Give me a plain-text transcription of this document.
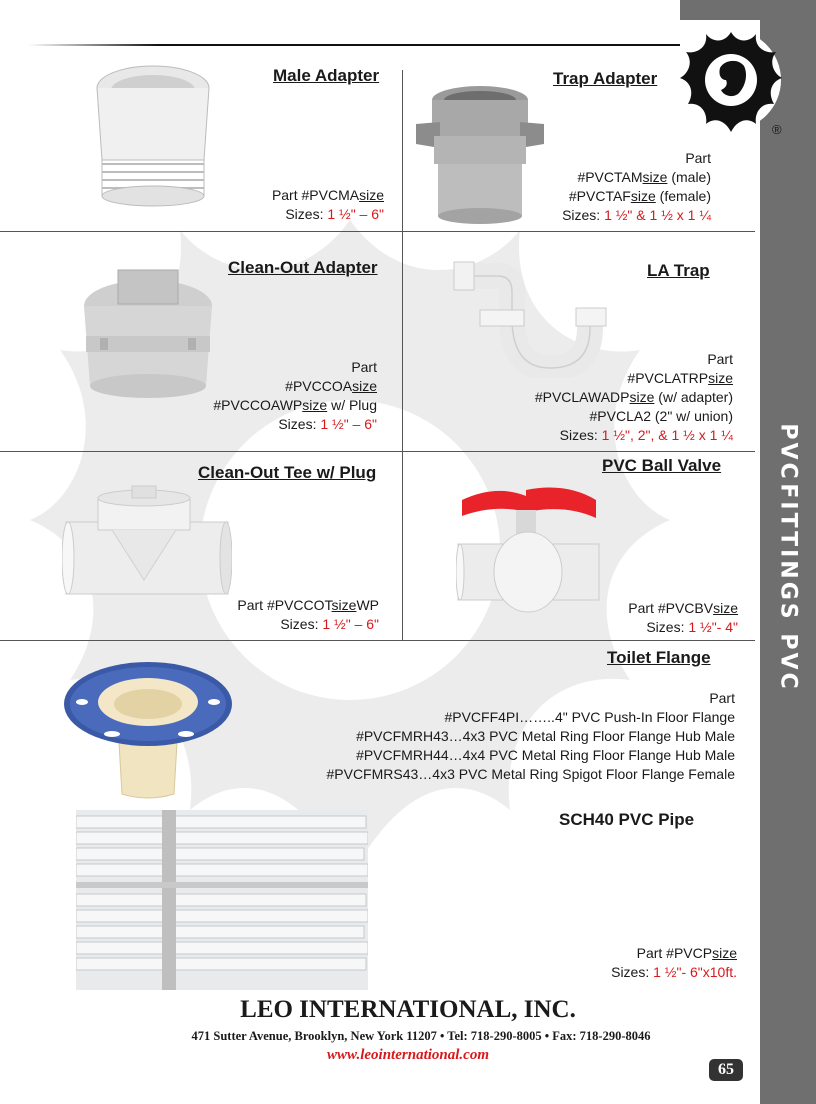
PVC
FITTINGS
PVC
®
Male Adapter
Part #PVCMAsize
Sizes: 1 ½" – 6"
Trap Adapter
Part
#PVCTAMsize (male)
#PVCTAFsize (female)
Sizes: 1 ½" & 1 ½ x 1 ¼
Clean-Out Adapter
Part
#PVCCOAsize
#PVCCOAWPsize w/ Plug
Sizes: 1 ½" – 6"
LA Trap
Part
#PVCLATRPsize
#PVCLAWADPsize (w/ adapter)
#PVCLA2 (2" w/ union)
Sizes: 1 ½", 2", & 1 ½ x 1 ¼
Clean-Out Tee w/ Plug
Part #PVCCOTsizeWP
Sizes: 1 ½" – 6"
PVC Ball Valve
Part #PVCBVsize
Sizes: 1 ½"- 4"
Toilet Flange
Part
#PVCFF4PI……..4" PVC Push-In Floor Flange
#PVCFMRH43…4x3 PVC Metal Ring Floor Flange Hub Male
#PVCFMRH44…4x4 PVC Metal Ring Floor Flange Hub Male
#PVCFMRS43…4x3 PVC Metal Ring Spigot Floor Flange Female
SCH40 PVC Pipe
Part #PVCPsize
Sizes: 1 ½"- 6"x10ft.
LEO INTERNATIONAL, INC.
471 Sutter Avenue, Brooklyn, New York 11207 • Tel: 718-290-8005 • Fax: 718-290-8046
www.leointernational.com
65
